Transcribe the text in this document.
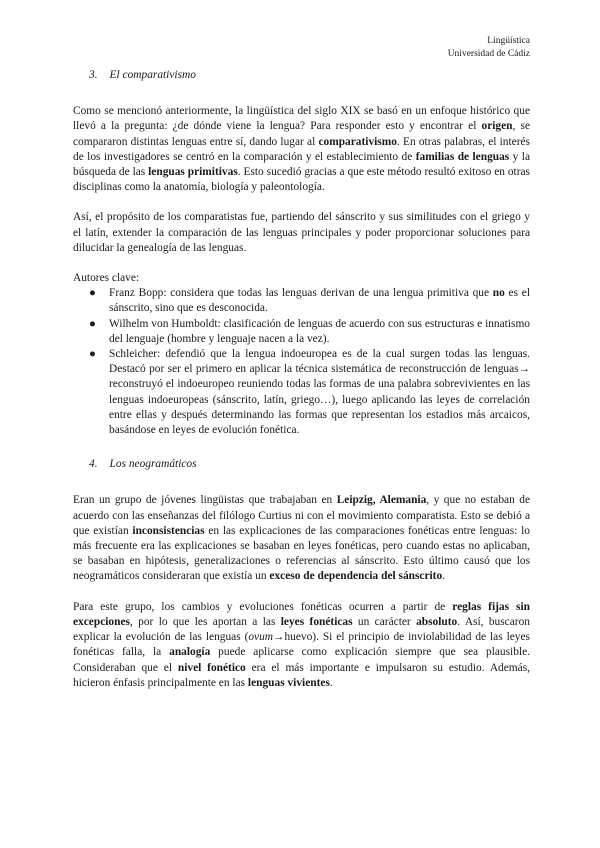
Lingüística
Universidad de Cádiz
3. El comparativismo

Como se mencionó anteriormente, la lingüística del siglo XIX se basó en un enfoque histórico que llevó a la pregunta: ¿de dónde viene la lengua? Para responder esto y encontrar el origen, se compararon distintas lenguas entre sí, dando lugar al comparativismo. En otras palabras, el interés de los investigadores se centró en la comparación y el establecimiento de familias de lenguas y la búsqueda de las lenguas primitivas. Esto sucedió gracias a que este método resultó exitoso en otras disciplinas como la anatomía, biología y paleontología.

Así, el propósito de los comparatistas fue, partiendo del sánscrito y sus similitudes con el griego y el latín, extender la comparación de las lenguas principales y poder proporcionar soluciones para dilucidar la genealogía de las lenguas.

Autores clave:

● Franz Bopp: considera que todas las lenguas derivan de una lengua primitiva que no es el sánscrito, sino que es desconocida.
● Wilhelm von Humboldt: clasificación de lenguas de acuerdo con sus estructuras e innatismo del lenguaje (hombre y lenguaje nacen a la vez).
● Schleicher: defendió que la lengua indoeuropea es de la cual surgen todas las lenguas. Destacó por ser el primero en aplicar la técnica sistemática de reconstrucción de lenguas→ reconstruyó el indoeuropeo reuniendo todas las formas de una palabra sobrevivientes en las lenguas indoeuropeas (sánscrito, latín, griego…), luego aplicando las leyes de correlación entre ellas y después determinando las formas que representan los estadios más arcaicos, basándose en leyes de evolución fonética.
4. Los neogramáticos

Eran un grupo de jóvenes lingüistas que trabajaban en Leipzig, Alemania, y que no estaban de acuerdo con las enseñanzas del filólogo Curtius ni con el movimiento comparatista. Esto se debió a que existían inconsistencias en las explicaciones de las comparaciones fonéticas entre lenguas: lo más frecuente era las explicaciones se basaban en leyes fonéticas, pero cuando estas no aplicaban, se basaban en hipótesis, generalizaciones o referencias al sánscrito. Esto último causó que los neogramáticos consideraran que existía un exceso de dependencia del sánscrito.

Para este grupo, los cambios y evoluciones fonéticas ocurren a partir de reglas fijas sin excepciones, por lo que les aportan a las leyes fonéticas un carácter absoluto. Así, buscaron explicar la evolución de las lenguas (ovum→huevo). Si el principio de inviolabilidad de las leyes fonéticas falla, la analogía puede aplicarse como explicación siempre que sea plausible. Consideraban que el nivel fonético era el más importante e impulsaron su estudio. Además, hicieron énfasis principalmente en las lenguas vivientes.
